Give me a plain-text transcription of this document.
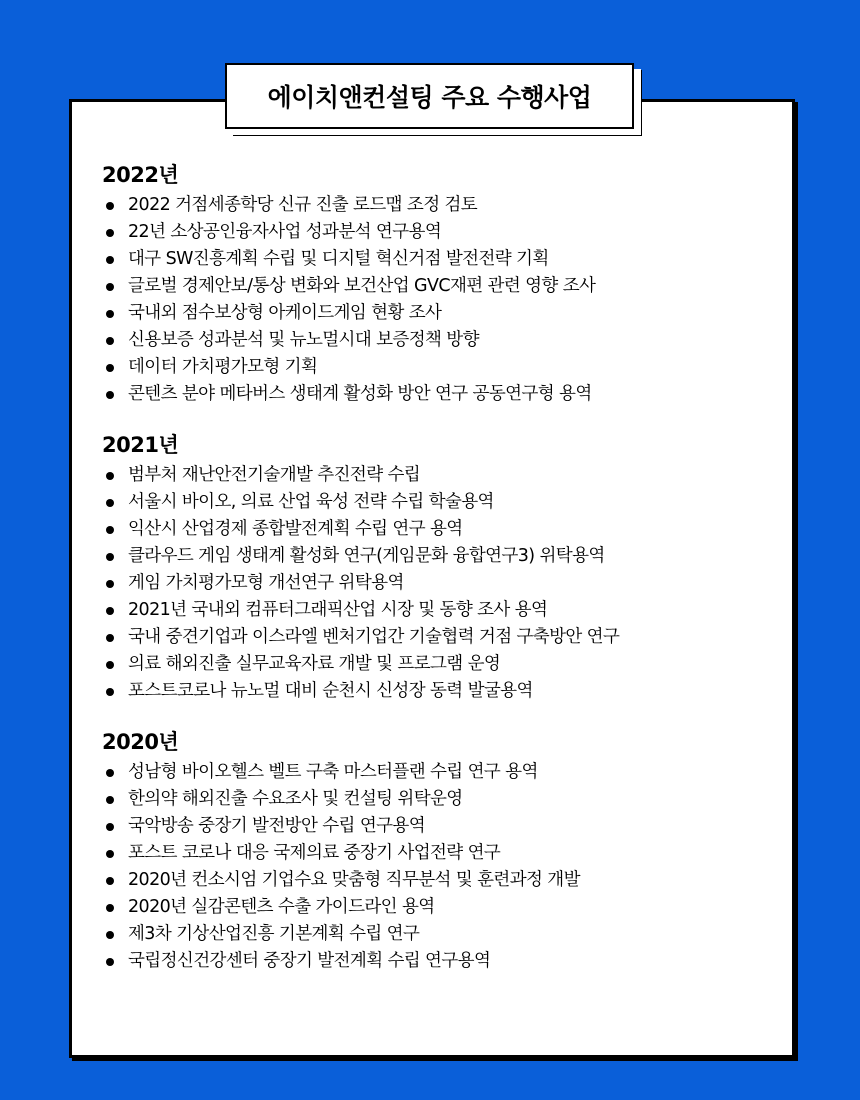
에이치앤컨설팅 주요 수행사업
2022년
2022 거점세종학당 신규 진출 로드맵 조정 검토
22년 소상공인융자사업 성과분석 연구용역
대구 SW진흥계획 수립 및 디지털 혁신거점 발전전략 기획
글로벌 경제안보/통상 변화와 보건산업 GVC재편 관련 영향 조사
국내외 점수보상형 아케이드게임 현황 조사
신용보증 성과분석 및 뉴노멀시대 보증정책 방향
데이터 가치평가모형 기획
콘텐츠 분야 메타버스 생태계 활성화 방안 연구 공동연구형 용역
2021년
범부처 재난안전기술개발 추진전략 수립
서울시 바이오, 의료 산업 육성 전략 수립 학술용역
익산시 산업경제 종합발전계획 수립 연구 용역
클라우드 게임 생태계 활성화 연구(게임문화 융합연구3) 위탁용역
게임 가치평가모형 개선연구 위탁용역
2021년 국내외 컴퓨터그래픽산업 시장 및 동향 조사 용역
국내 중견기업과 이스라엘 벤처기업간 기술협력 거점 구축방안 연구
의료 해외진출 실무교육자료 개발 및 프로그램 운영
포스트코로나 뉴노멀 대비 순천시 신성장 동력 발굴용역
2020년
성남형 바이오헬스 벨트 구축 마스터플랜 수립 연구 용역
한의약 해외진출 수요조사 및 컨설팅 위탁운영
국악방송 중장기 발전방안 수립 연구용역
포스트 코로나 대응 국제의료 중장기 사업전략 연구
2020년 컨소시엄 기업수요 맞춤형 직무분석 및 훈련과정 개발
2020년 실감콘텐츠 수출 가이드라인 용역
제3차 기상산업진흥 기본계획 수립 연구
국립정신건강센터 중장기 발전계획 수립 연구용역
